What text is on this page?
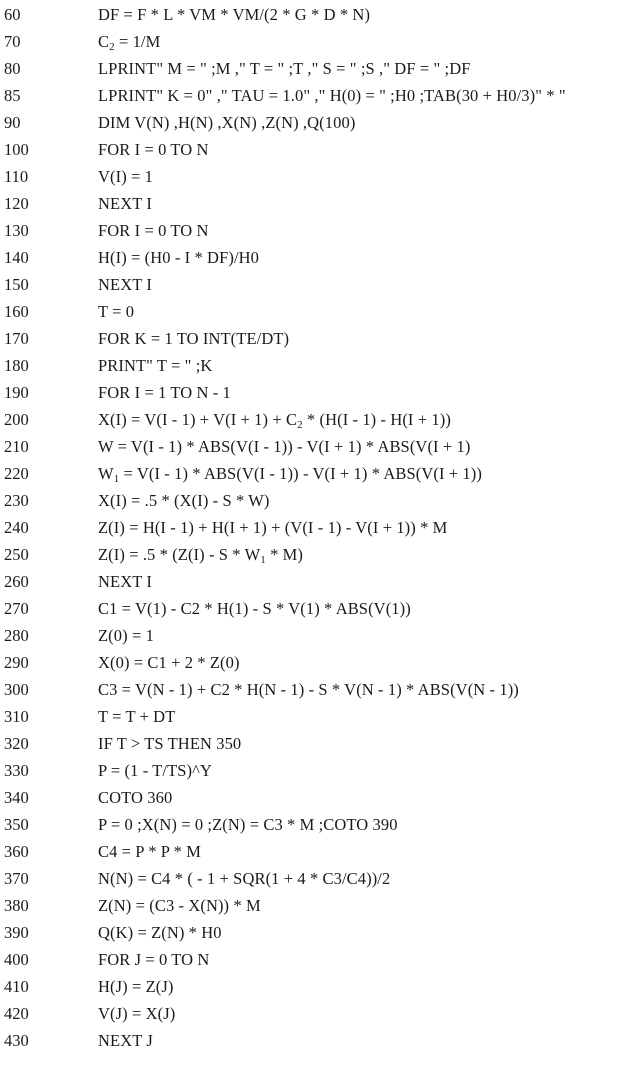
60	DF = F * L * VM * VM/(2 * G * D * N)
70	$C_2 = 1/M$
80	LPRINT" M = " ;M ," T = " ;T ," S = " ;S ," DF = " ;DF
85	LPRINT" K = 0" ," TAU = 1.0" ," H(0) = " ;H0 ;TAB(30 + H0/3)" * "
90	DIM V(N) ,H(N) ,X(N) ,Z(N) ,Q(100)
100	FOR I = 0 TO N
110	V(I) = 1
120	NEXT I
130	FOR I = 0 TO N
140	H(I) = (H0 - I * DF)/H0
150	NEXT I
160	T = 0
170	FOR K = 1 TO INT(TE/DT)
180	PRINT" T = " ;K
190	FOR I = 1 TO N - 1
200	$X(I) = V(I - 1) + V(I + 1) + C_2 * (H(I - 1) - H(I + 1))$
210	W = V(I - 1) * ABS(V(I - 1)) - V(I + 1) * ABS(V(I + 1)
220	$W_1 = V(I - 1) * ABS(V(I - 1)) - V(I + 1) * ABS(V(I + 1))$
230	X(I) = .5 * (X(I) - S * W)
240	Z(I) = H(I - 1) + H(I + 1) + (V(I - 1) - V(I + 1)) * M
250	$Z(I) = .5 * (Z(I) - S * W_1 * M)$
260	NEXT I
270	C1 = V(1) - C2 * H(1) - S * V(1) * ABS(V(1))
280	Z(0) = 1
290	X(0) = C1 + 2 * Z(0)
300	C3 = V(N - 1) + C2 * H(N - 1) - S * V(N - 1) * ABS(V(N - 1))
310	T = T + DT
320	IF T > TS THEN 350
330	P = (1 - T/TS)^Y
340	COTO 360
350	P = 0 ;X(N) = 0 ;Z(N) = C3 * M ;COTO 390
360	C4 = P * P * M
370	N(N) = C4 * ( - 1 + SQR(1 + 4 * C3/C4))/2
380	Z(N) = (C3 - X(N)) * M
390	Q(K) = Z(N) * H0
400	FOR J = 0 TO N
410	H(J) = Z(J)
420	V(J) = X(J)
430	NEXT J
